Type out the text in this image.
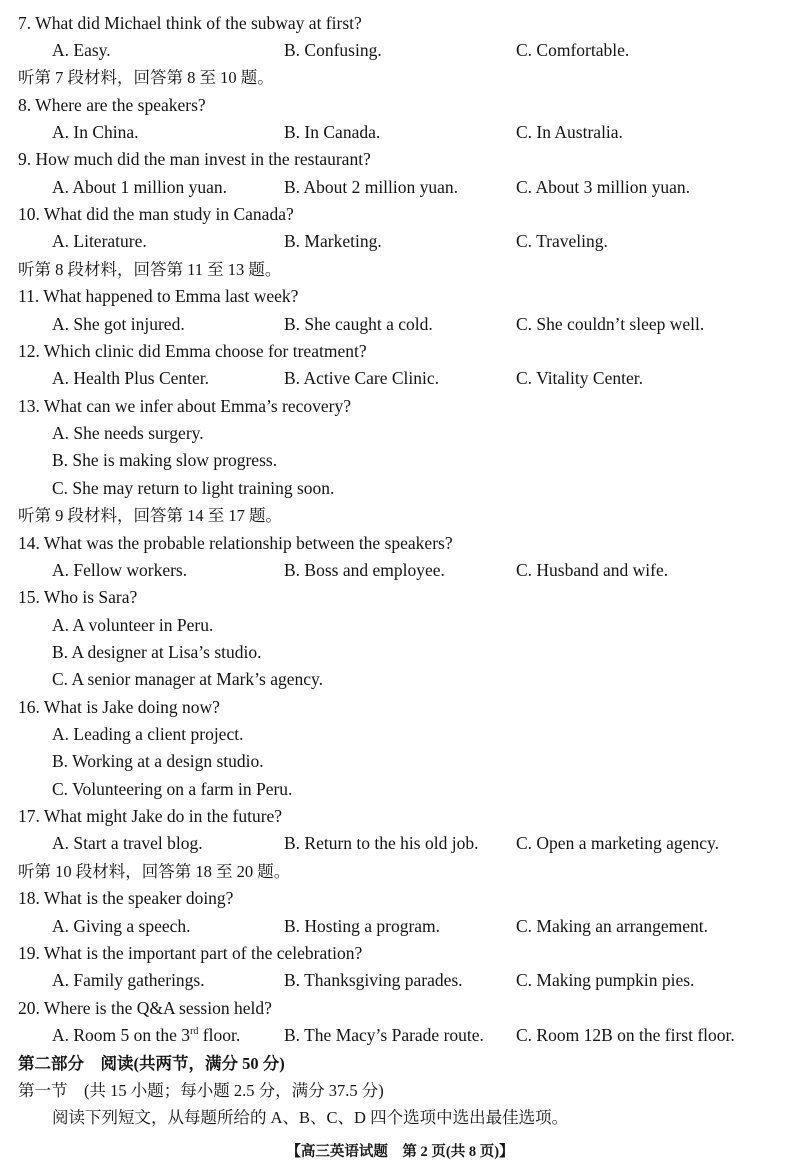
7. What did Michael think of the subway at first?
A. Easy.	B. Confusing.	C. Comfortable.
听第 7 段材料，回答第 8 至 10 题。
8. Where are the speakers?
A. In China.	B. In Canada.	C. In Australia.
9. How much did the man invest in the restaurant?
A. About 1 million yuan.	B. About 2 million yuan.	C. About 3 million yuan.
10. What did the man study in Canada?
A. Literature.	B. Marketing.	C. Traveling.
听第 8 段材料，回答第 11 至 13 题。
11. What happened to Emma last week?
A. She got injured.	B. She caught a cold.	C. She couldn’t sleep well.
12. Which clinic did Emma choose for treatment?
A. Health Plus Center.	B. Active Care Clinic.	C. Vitality Center.
13. What can we infer about Emma’s recovery?
A. She needs surgery.
B. She is making slow progress.
C. She may return to light training soon.
听第 9 段材料，回答第 14 至 17 题。
14. What was the probable relationship between the speakers?
A. Fellow workers.	B. Boss and employee.	C. Husband and wife.
15. Who is Sara?
A. A volunteer in Peru.
B. A designer at Lisa’s studio.
C. A senior manager at Mark’s agency.
16. What is Jake doing now?
A. Leading a client project.
B. Working at a design studio.
C. Volunteering on a farm in Peru.
17. What might Jake do in the future?
A. Start a travel blog.	B. Return to the his old job. C. Open a marketing agency.
听第 10 段材料，回答第 18 至 20 题。
18. What is the speaker doing?
A. Giving a speech.	B. Hosting a program.	C. Making an arrangement.
19. What is the important part of the celebration?
A. Family gatherings.	B. Thanksgiving parades.	C. Making pumpkin pies.
20. Where is the Q&A session held?
A. Room 5 on the 3rd floor.	B. The Macy’s Parade route. C. Room 12B on the first floor.
第二部分　阅读(共两节，满分 50 分)
第一节　(共 15 小题；每小题 2.5 分，满分 37.5 分)
阅读下列短文，从每题所给的 A、B、C、D 四个选项中选出最佳选项。
【高三英语试题　第 2 页(共 8 页)】
